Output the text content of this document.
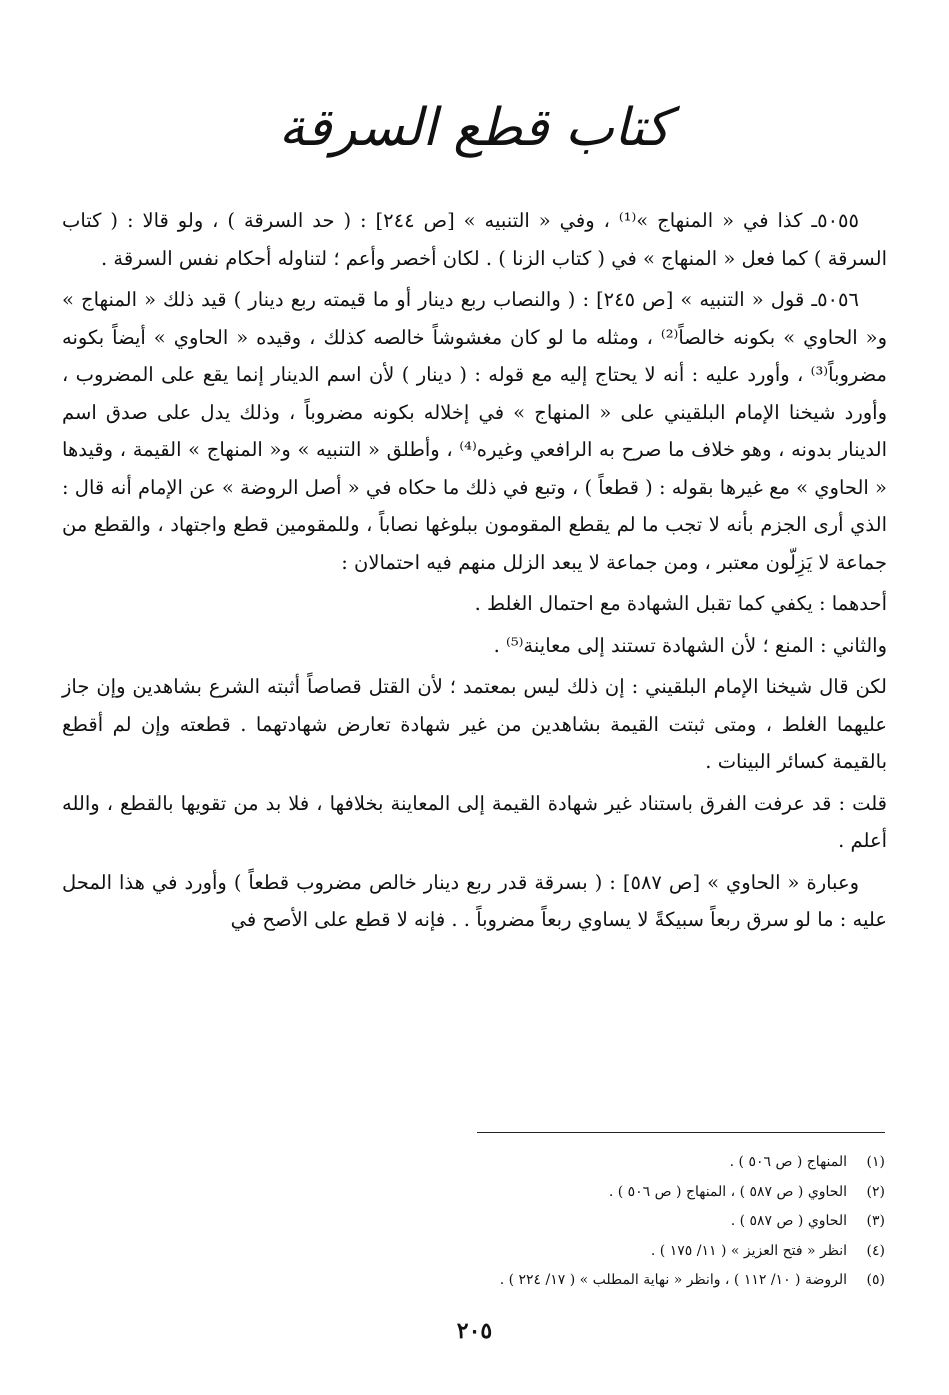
كتاب قطع السرقة

٥٠٥٥ـ كذا في « المنهاج »⁽¹⁾ ، وفي « التنبيه » [ص ٢٤٤] : ( حد السرقة ) ، ولو قالا : ( كتاب السرقة ) كما فعل « المنهاج » في ( كتاب الزنا ) . لكان أخصر وأعم ؛ لتناوله أحكام نفس السرقة .

٥٠٥٦ـ قول « التنبيه » [ص ٢٤٥] : ( والنصاب ربع دينار أو ما قيمته ربع دينار ) قيد ذلك « المنهاج » و« الحاوي » بكونه خالصاً⁽²⁾ ، ومثله ما لو كان مغشوشاً خالصه كذلك ، وقيده « الحاوي » أيضاً بكونه مضروباً⁽³⁾ ، وأورد عليه : أنه لا يحتاج إليه مع قوله : ( دينار ) لأن اسم الدينار إنما يقع على المضروب ، وأورد شيخنا الإمام البلقيني على « المنهاج » في إخلاله بكونه مضروباً ، وذلك يدل على صدق اسم الدينار بدونه ، وهو خلاف ما صرح به الرافعي وغيره⁽⁴⁾ ، وأطلق « التنبيه » و« المنهاج » القيمة ، وقيدها « الحاوي » مع غيرها بقوله : ( قطعاً ) ، وتبع في ذلك ما حكاه في « أصل الروضة » عن الإمام أنه قال : الذي أرى الجزم بأنه لا تجب ما لم يقطع المقومون ببلوغها نصاباً ، وللمقومين قطع واجتهاد ، والقطع من جماعة لا يَزِلّون معتبر ، ومن جماعة لا يبعد الزلل منهم فيه احتمالان :

أحدهما : يكفي كما تقبل الشهادة مع احتمال الغلط .

والثاني : المنع ؛ لأن الشهادة تستند إلى معاينة⁽⁵⁾ .

لكن قال شيخنا الإمام البلقيني : إن ذلك ليس بمعتمد ؛ لأن القتل قصاصاً أثبته الشرع بشاهدين وإن جاز عليهما الغلط ، ومتى ثبتت القيمة بشاهدين من غير شهادة تعارض شهادتهما . قطعته وإن لم أقطع بالقيمة كسائر البينات .

قلت : قد عرفت الفرق باستناد غير شهادة القيمة إلى المعاينة بخلافها ، فلا بد من تقويها بالقطع ، والله أعلم .

وعبارة « الحاوي » [ص ٥٨٧] : ( بسرقة قدر ربع دينار خالص مضروب قطعاً ) وأورد في هذا المحل عليه : ما لو سرق ربعاً سبيكةً لا يساوي ربعاً مضروباً . . فإنه لا قطع على الأصح في

(١)
المنهاج ( ص ٥٠٦ ) .
(٢)
الحاوي ( ص ٥٨٧ ) ، المنهاج ( ص ٥٠٦ ) .
(٣)
الحاوي ( ص ٥٨٧ ) .
(٤)
انظر « فتح العزيز » ( ١١/ ١٧٥ ) .
(٥)
الروضة ( ١٠/ ١١٢ ) ، وانظر « نهاية المطلب » ( ١٧/ ٢٢٤ ) .
٢٠٥
